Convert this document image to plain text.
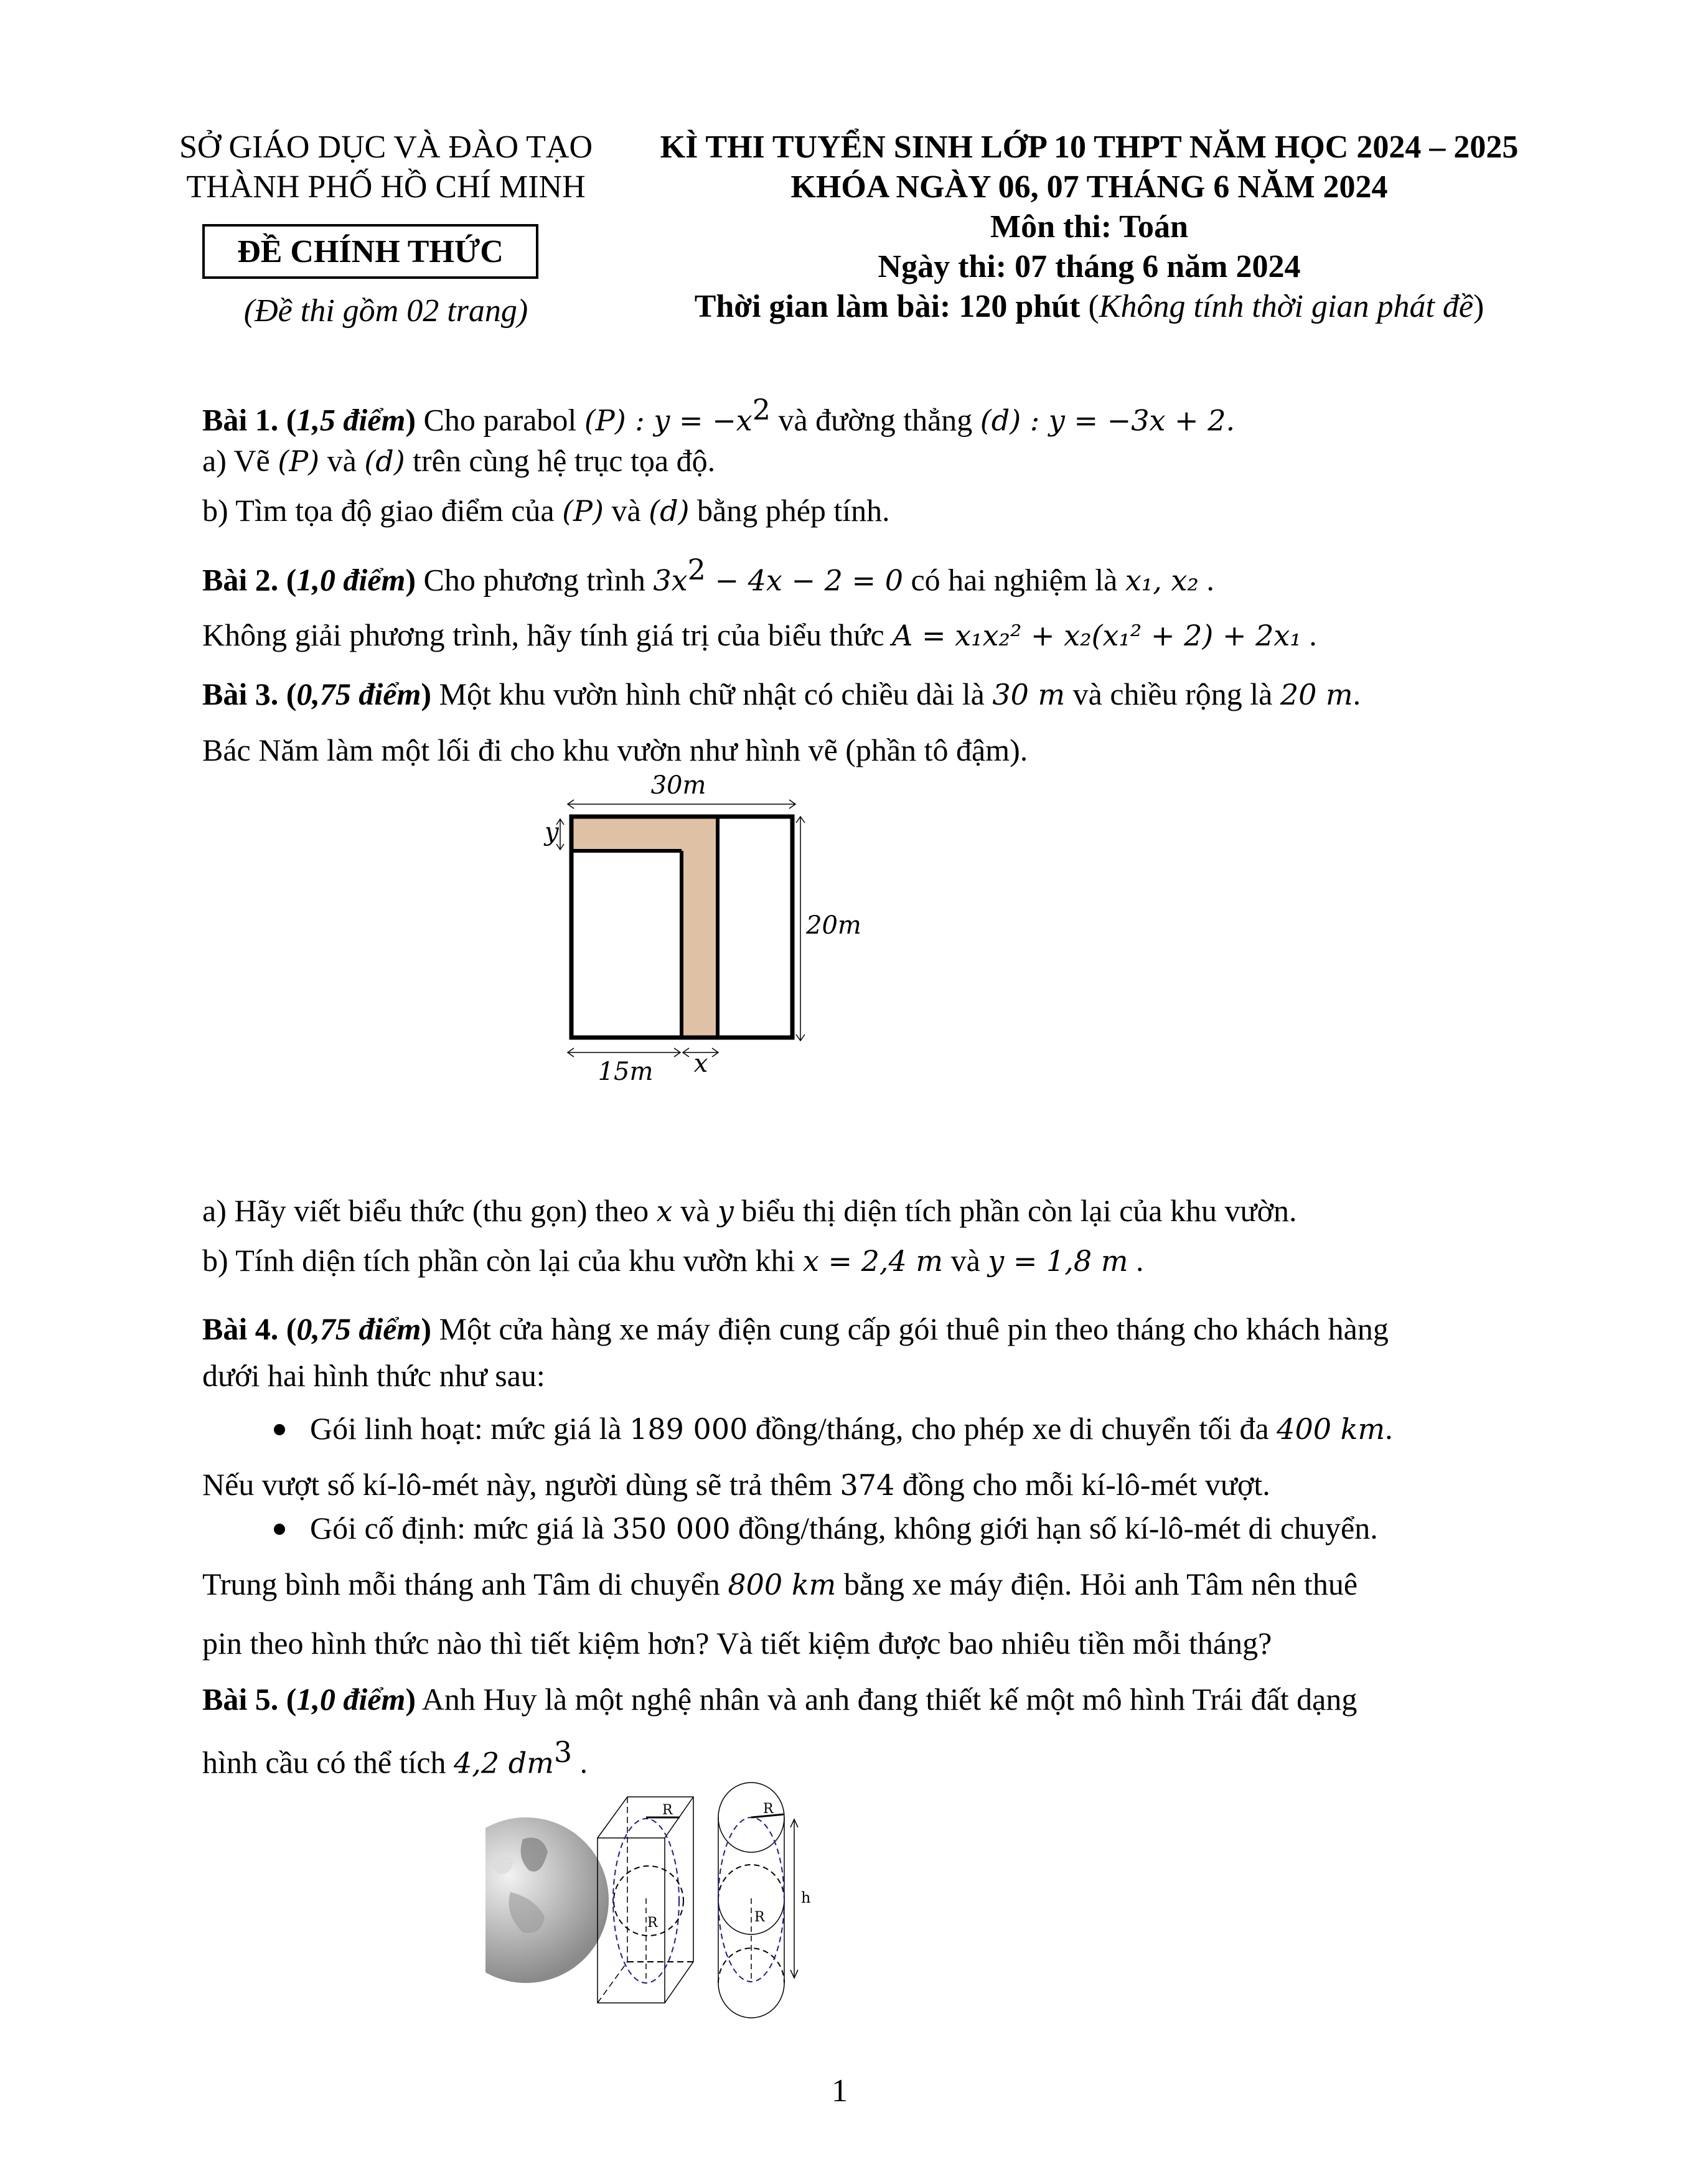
SỞ GIÁO DỤC VÀ ĐÀO TẠO
THÀNH PHỐ HỒ CHÍ MINH
ĐỀ CHÍNH THỨC
(Đề thi gồm 02 trang)
KÌ THI TUYỂN SINH LỚP 10 THPT NĂM HỌC 2024 – 2025
KHÓA NGÀY 06, 07 THÁNG 6 NĂM 2024
Môn thi: Toán
Ngày thi: 07 tháng 6 năm 2024
Thời gian làm bài: 120 phút (Không tính thời gian phát đề)
Bài 1. (1,5 điểm) Cho parabol (P) : $y = -x^2$ và đường thẳng (d) : y = −3x + 2.
a) Vẽ (P) và (d) trên cùng hệ trục tọa độ.
b) Tìm tọa độ giao điểm của (P) và (d) bằng phép tính.
Bài 2. (1,0 điểm) Cho phương trình $3x^2 - 4x - 2 = 0$ có hai nghiệm là x₁, x₂ .
Không giải phương trình, hãy tính giá trị của biểu thức A = x₁x₂² + x₂(x₁² + 2) + 2x₁ .
Bài 3. (0,75 điểm) Một khu vườn hình chữ nhật có chiều dài là 30 m và chiều rộng là 20 m.
Bác Năm làm một lối đi cho khu vườn như hình vẽ (phần tô đậm).
30m
20m
y
15m x
a) Hãy viết biểu thức (thu gọn) theo x và y biểu thị diện tích phần còn lại của khu vườn.
b) Tính diện tích phần còn lại của khu vườn khi x = 2,4 m và y = 1,8 m .
Bài 4. (0,75 điểm) Một cửa hàng xe máy điện cung cấp gói thuê pin theo tháng cho khách hàng
dưới hai hình thức như sau:
Gói linh hoạt: mức giá là 189 000 đồng/tháng, cho phép xe di chuyển tối đa 400 km.
Nếu vượt số kí-lô-mét này, người dùng sẽ trả thêm 374 đồng cho mỗi kí-lô-mét vượt.
Gói cố định: mức giá là 350 000 đồng/tháng, không giới hạn số kí-lô-mét di chuyển.
Trung bình mỗi tháng anh Tâm di chuyển 800 km bằng xe máy điện. Hỏi anh Tâm nên thuê
pin theo hình thức nào thì tiết kiệm hơn? Và tiết kiệm được bao nhiêu tiền mỗi tháng?
Bài 5. (1,0 điểm) Anh Huy là một nghệ nhân và anh đang thiết kế một mô hình Trái đất dạng
hình cầu có thể tích 4,2 $dm^3$ .
R
R
R
R
h
1
